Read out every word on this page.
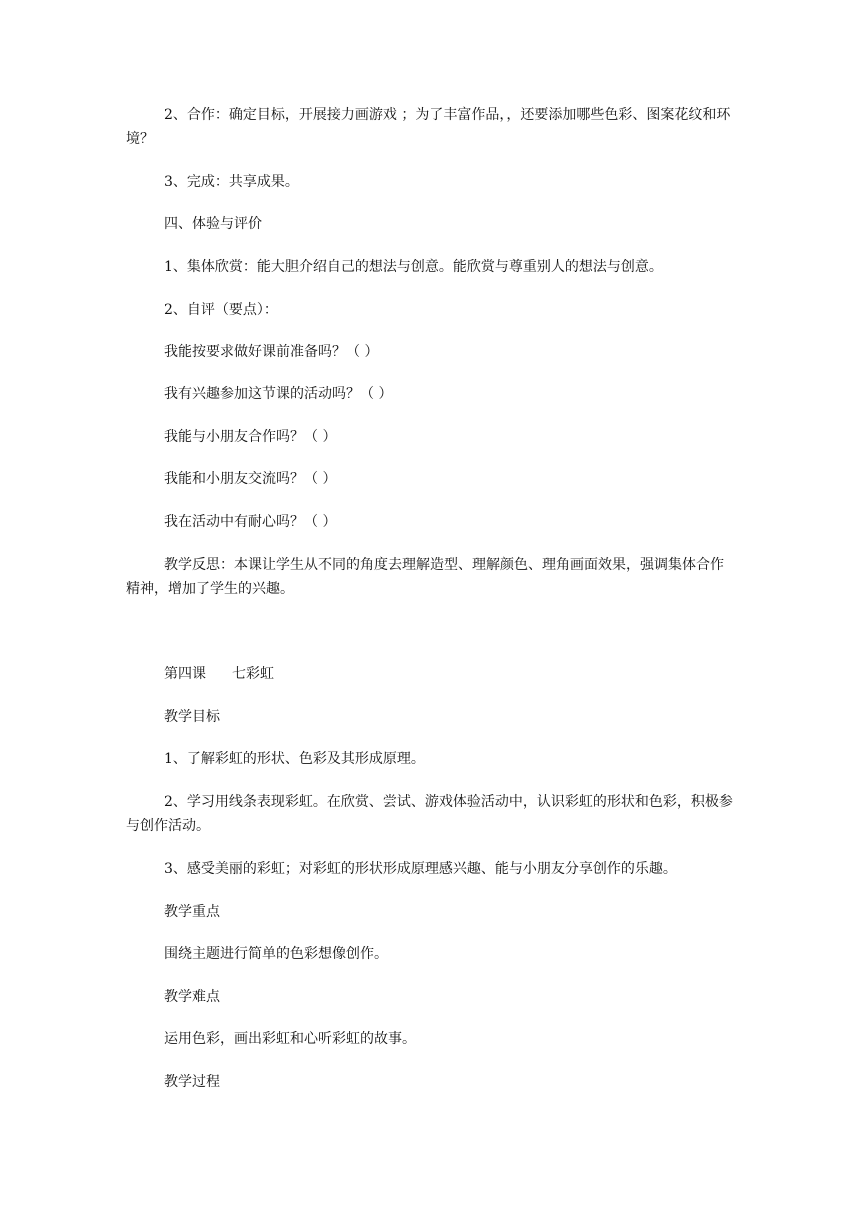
2、合作：确定目标，开展接力画游戏 ；为了丰富作品，，还要添加哪些色彩、图案花纹和环境？

3、完成：共享成果。

四、体验与评价

1、集体欣赏：能大胆介绍自己的想法与创意。能欣赏与尊重别人的想法与创意。

2、自评（要点）：

我能按要求做好课前准备吗？（ ）

我有兴趣参加这节课的活动吗？（ ）

我能与小朋友合作吗？（ ）

我能和小朋友交流吗？（ ）

我在活动中有耐心吗？（ ）

教学反思：本课让学生从不同的角度去理解造型、理解颜色、理角画面效果，强调集体合作精神，增加了学生的兴趣。

第四课 七彩虹

教学目标

1、了解彩虹的形状、色彩及其形成原理。

2、学习用线条表现彩虹。在欣赏、尝试、游戏体验活动中，认识彩虹的形状和色彩，积极参与创作活动。

3、感受美丽的彩虹；对彩虹的形状形成原理感兴趣、能与小朋友分享创作的乐趣。

教学重点

围绕主题进行简单的色彩想像创作。

教学难点

运用色彩，画出彩虹和心听彩虹的故事。

教学过程
